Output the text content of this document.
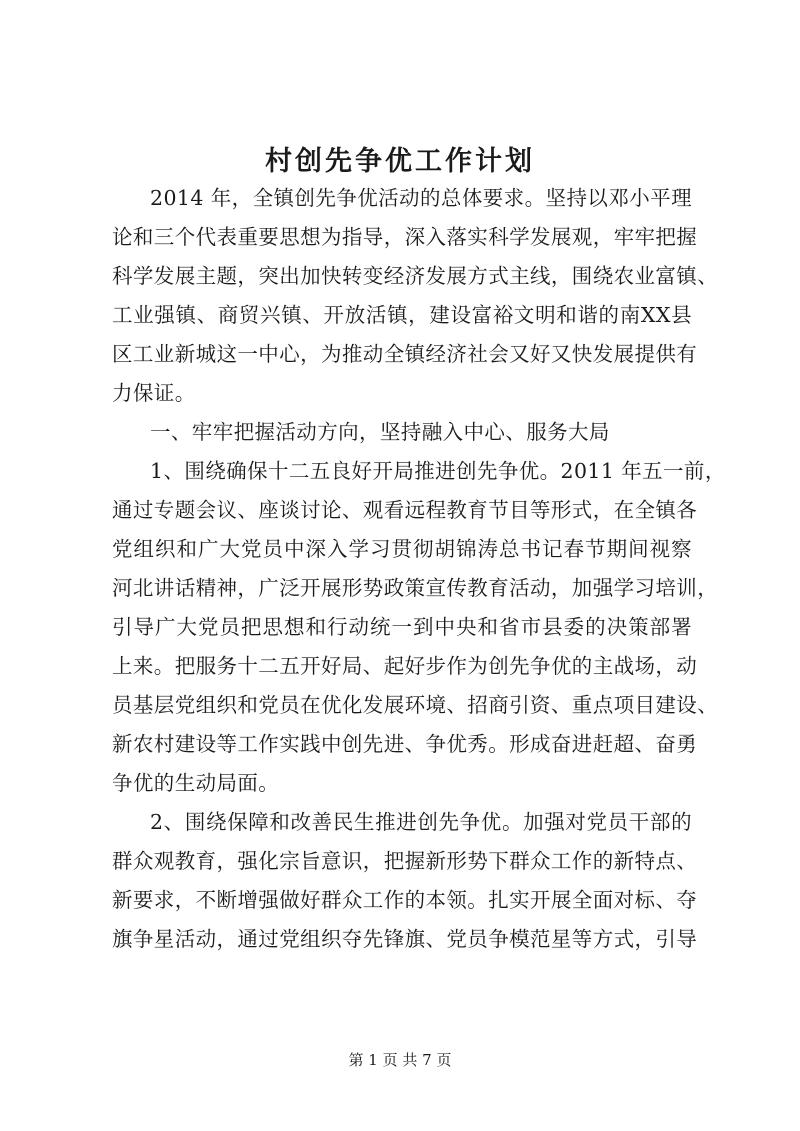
村创先争优工作计划

2014 年，全镇创先争优活动的总体要求。坚持以邓小平理

论和三个代表重要思想为指导，深入落实科学发展观，牢牢把握

科学发展主题，突出加快转变经济发展方式主线，围绕农业富镇、

工业强镇、商贸兴镇、开放活镇，建设富裕文明和谐的南XX县

区工业新城这一中心，为推动全镇经济社会又好又快发展提供有

力保证。

一、牢牢把握活动方向，坚持融入中心、服务大局

1、围绕确保十二五良好开局推进创先争优。2011 年五一前，

通过专题会议、座谈讨论、观看远程教育节目等形式，在全镇各

党组织和广大党员中深入学习贯彻胡锦涛总书记春节期间视察

河北讲话精神，广泛开展形势政策宣传教育活动，加强学习培训，

引导广大党员把思想和行动统一到中央和省市县委的决策部署

上来。把服务十二五开好局、起好步作为创先争优的主战场，动

员基层党组织和党员在优化发展环境、招商引资、重点项目建设、

新农村建设等工作实践中创先进、争优秀。形成奋进赶超、奋勇

争优的生动局面。

2、围绕保障和改善民生推进创先争优。加强对党员干部的

群众观教育，强化宗旨意识，把握新形势下群众工作的新特点、

新要求，不断增强做好群众工作的本领。扎实开展全面对标、夺

旗争星活动，通过党组织夺先锋旗、党员争模范星等方式，引导

第 1 页 共 7 页
